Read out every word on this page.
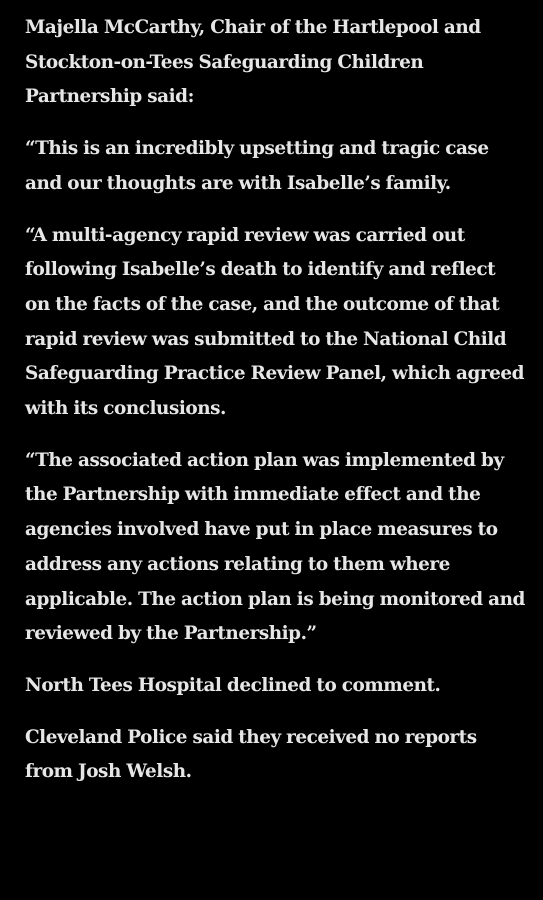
Majella McCarthy, Chair of the Hartlepool and Stockton-on-Tees Safeguarding Children Partnership said:

“This is an incredibly upsetting and tragic case and our thoughts are with Isabelle’s family.

“A multi-agency rapid review was carried out following Isabelle’s death to identify and reflect on the facts of the case, and the outcome of that rapid review was submitted to the National Child Safeguarding Practice Review Panel, which agreed with its conclusions.

“The associated action plan was implemented by the Partnership with immediate effect and the agencies involved have put in place measures to address any actions relating to them where applicable. The action plan is being monitored and reviewed by the Partnership.”

North Tees Hospital declined to comment.

Cleveland Police said they received no reports from Josh Welsh.
